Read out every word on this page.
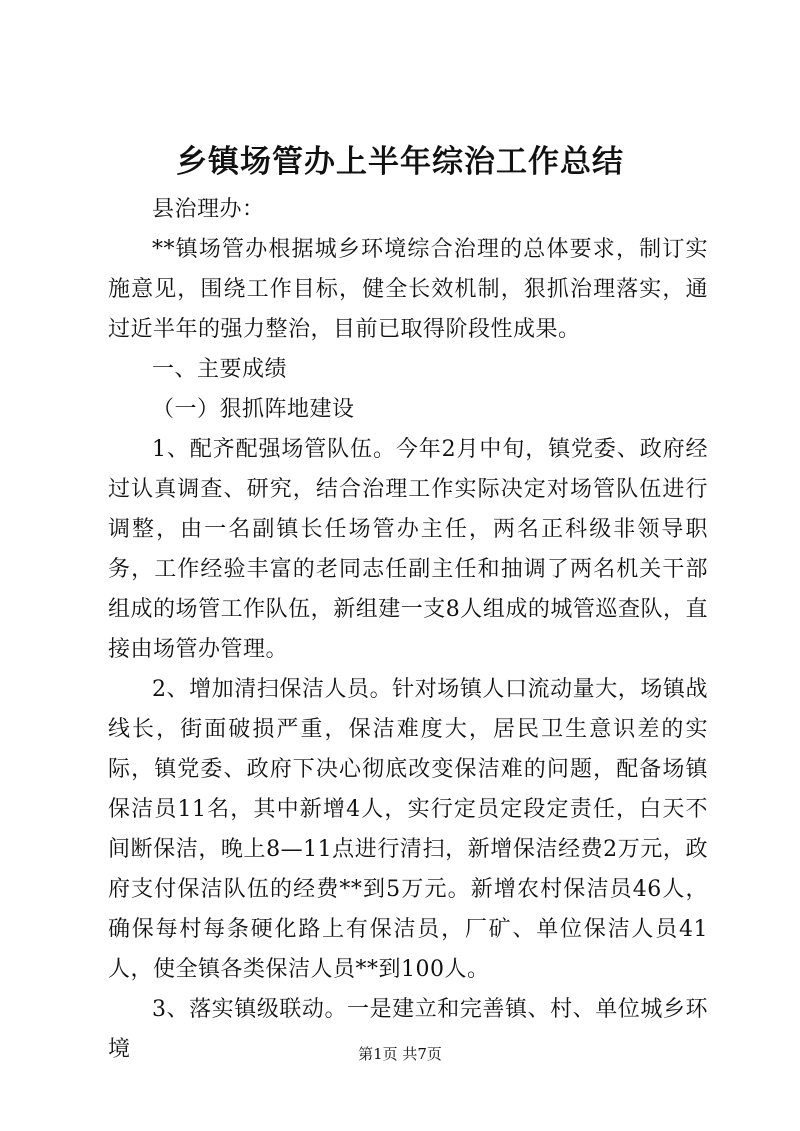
乡镇场管办上半年综治工作总结

县治理办：

**镇场管办根据城乡环境综合治理的总体要求，制订实施意见，围绕工作目标，健全长效机制，狠抓治理落实，通过近半年的强力整治，目前已取得阶段性成果。

一、主要成绩

（一）狠抓阵地建设

1、配齐配强场管队伍。今年2月中旬，镇党委、政府经过认真调查、研究，结合治理工作实际决定对场管队伍进行调整，由一名副镇长任场管办主任，两名正科级非领导职务，工作经验丰富的老同志任副主任和抽调了两名机关干部组成的场管工作队伍，新组建一支8人组成的城管巡查队，直接由场管办管理。

2、增加清扫保洁人员。针对场镇人口流动量大，场镇战线长，街面破损严重，保洁难度大，居民卫生意识差的实际，镇党委、政府下决心彻底改变保洁难的问题，配备场镇保洁员11名，其中新增4人，实行定员定段定责任，白天不间断保洁，晚上8—11点进行清扫，新增保洁经费2万元，政府支付保洁队伍的经费**到5万元。新增农村保洁员46人，确保每村每条硬化路上有保洁员，厂矿、单位保洁人员41人，使全镇各类保洁人员**到100人。

3、落实镇级联动。一是建立和完善镇、村、单位城乡环境	第1页 共7页
